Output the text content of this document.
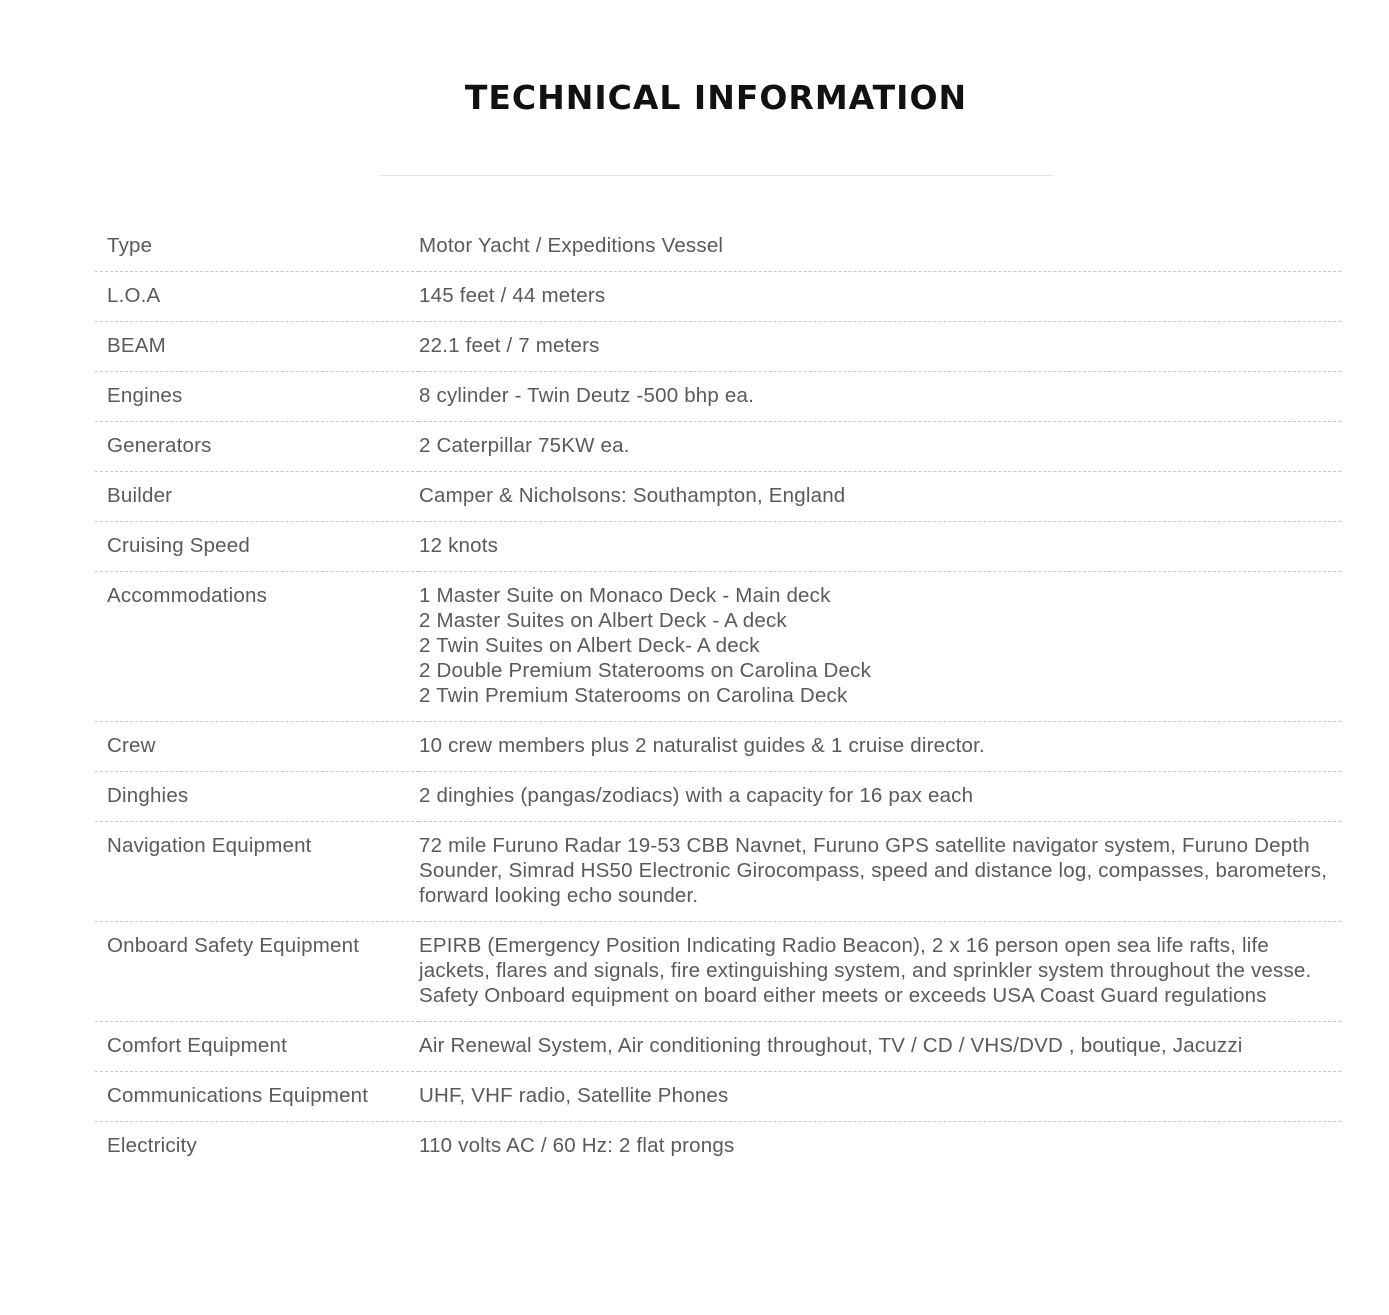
TECHNICAL INFORMATION
Type	Motor Yacht / Expeditions Vessel

L.O.A	145 feet / 44 meters

BEAM	22.1 feet / 7 meters

Engines	8 cylinder - Twin Deutz -500 bhp ea.

Generators	2 Caterpillar 75KW ea.

Builder	Camper & Nicholsons: Southampton, England

Cruising Speed	12 knots

Accommodations	1 Master Suite on Monaco Deck - Main deck
2 Master Suites on Albert Deck - A deck
2 Twin Suites on Albert Deck- A deck
2 Double Premium Staterooms on Carolina Deck
2 Twin Premium Staterooms on Carolina Deck

Crew	10 crew members plus 2 naturalist guides & 1 cruise director.

Dinghies	2 dinghies (pangas/zodiacs) with a capacity for 16 pax each

Navigation Equipment	72 mile Furuno Radar 19-53 CBB Navnet, Furuno GPS satellite navigator system, Furuno Depth Sounder, Simrad HS50 Electronic Girocompass, speed and distance log, compasses, barometers, forward looking echo sounder.

Onboard Safety Equipment	EPIRB (Emergency Position Indicating Radio Beacon), 2 x 16 person open sea life rafts, life jackets, flares and signals, fire extinguishing system, and sprinkler system throughout the vesse. Safety Onboard equipment on board either meets or exceeds USA Coast Guard regulations

Comfort Equipment	Air Renewal System, Air conditioning throughout, TV / CD / VHS/DVD , boutique, Jacuzzi

Communications Equipment	UHF, VHF radio, Satellite Phones

Electricity	110 volts AC / 60 Hz: 2 flat prongs
